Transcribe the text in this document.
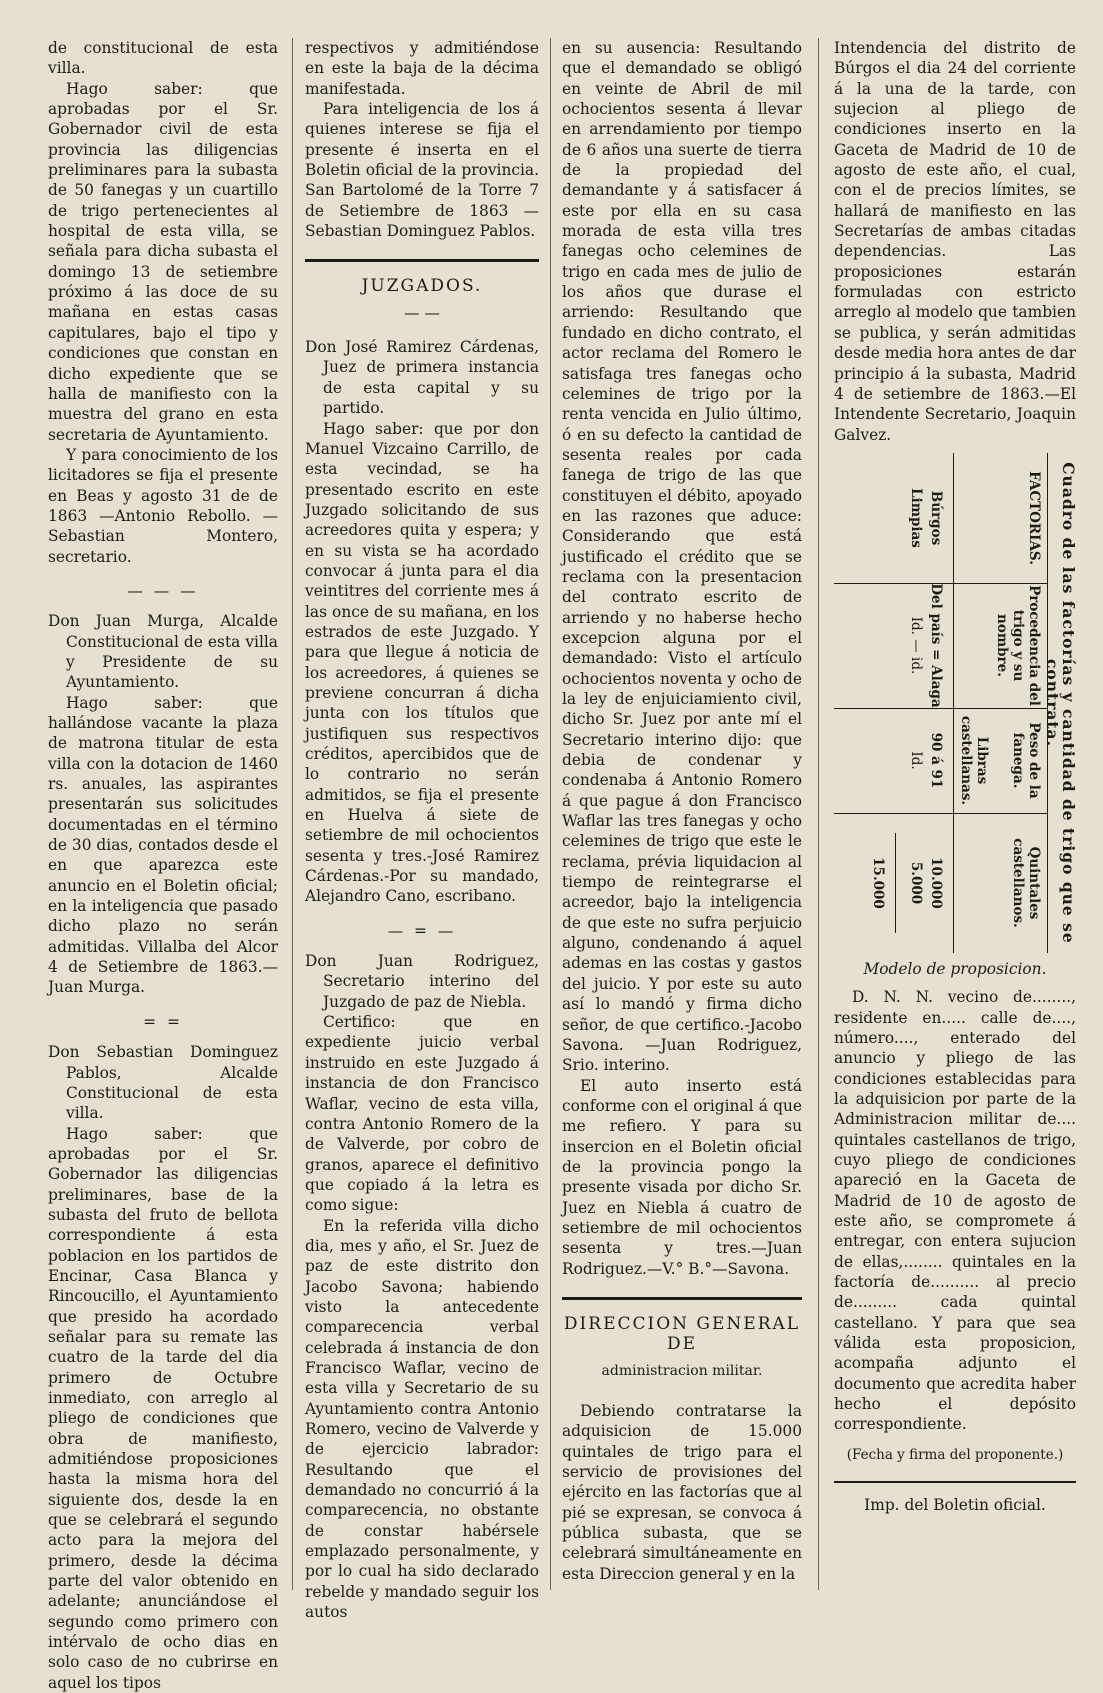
de constitucional de esta villa.

Hago saber: que aprobadas por el Sr. Gobernador civil de esta provincia las diligencias preliminares para la subasta de 50 fanegas y un cuartillo de trigo pertenecientes al hospital de esta villa, se señala para dicha subasta el domingo 13 de setiembre próximo á las doce de su mañana en estas casas capitulares, bajo el tipo y condiciones que constan en dicho expediente que se halla de manifiesto con la muestra del grano en esta secretaria de Ayuntamiento.

Y para conocimiento de los licitadores se fija el presente en Beas y agosto 31 de de 1863 —Antonio Rebollo. —Sebastian Montero, secretario.

— — —

Don Juan Murga, Alcalde Constitucional de esta villa y Presidente de su Ayuntamiento.

Hago saber: que hallándose vacante la plaza de matrona titular de esta villa con la dotacion de 1460 rs. anuales, las aspirantes presentarán sus solicitudes documentadas en el término de 30 dias, contados desde el en que aparezca este anuncio en el Boletin oficial; en la inteligencia que pasado dicho plazo no serán admitidas. Villalba del Alcor 4 de Setiembre de 1863.— Juan Murga.

= =

Don Sebastian Dominguez Pablos, Alcalde Constitucional de esta villa.

Hago saber: que aprobadas por el Sr. Gobernador las diligencias preliminares, base de la subasta del fruto de bellota correspondiente á esta poblacion en los partidos de Encinar, Casa Blanca y Rincoucillo, el Ayuntamiento que presido ha acordado señalar para su remate las cuatro de la tarde del dia primero de Octubre inmediato, con arreglo al pliego de condiciones que obra de manifiesto, admitiéndose proposiciones hasta la misma hora del siguiente dos, desde la en que se celebrará el segundo acto para la mejora del primero, desde la décima parte del valor obtenido en adelante; anunciándose el segundo como primero con intérvalo de ocho dias en solo caso de no cubrirse en aquel los tipos

respectivos y admitiéndose en este la baja de la décima manifestada.

Para inteligencia de los á quienes interese se fija el presente é inserta en el Boletin oficial de la provincia. San Bartolomé de la Torre 7 de Setiembre de 1863 —Sebastian Dominguez Pablos.

JUZGADOS.

— —

Don José Ramirez Cárdenas, Juez de primera instancia de esta capital y su partido.

Hago saber: que por don Manuel Vizcaino Carrillo, de esta vecindad, se ha presentado escrito en este Juzgado solicitando de sus acreedores quita y espera; y en su vista se ha acordado convocar á junta para el dia veintitres del corriente mes á las once de su mañana, en los estrados de este Juzgado. Y para que llegue á noticia de los acreedores, á quienes se previene concurran á dicha junta con los títulos que justifiquen sus respectivos créditos, apercibidos que de lo contrario no serán admitidos, se fija el presente en Huelva á siete de setiembre de mil ochocientos sesenta y tres.-José Ramirez Cárdenas.-Por su mandado, Alejandro Cano, escribano.

— = —

Don Juan Rodriguez, Secretario interino del Juzgado de paz de Niebla.

Certifico: que en expediente juicio verbal instruido en este Juzgado á instancia de don Francisco Waflar, vecino de esta villa, contra Antonio Romero de la de Valverde, por cobro de granos, aparece el definitivo que copiado á la letra es como sigue:

En la referida villa dicho dia, mes y año, el Sr. Juez de paz de este distrito don Jacobo Savona; habiendo visto la antecedente comparecencia verbal celebrada á instancia de don Francisco Waflar, vecino de esta villa y Secretario de su Ayuntamiento contra Antonio Romero, vecino de Valverde y de ejercicio labrador: Resultando que el demandado no concurrió á la comparecencia, no obstante de constar habérsele emplazado personalmente, y por lo cual ha sido declarado rebelde y mandado seguir los autos

en su ausencia: Resultando que el demandado se obligó en veinte de Abril de mil ochocientos sesenta á llevar en arrendamiento por tiempo de 6 años una suerte de tierra de la propiedad del demandante y á satisfacer á este por ella en su casa morada de esta villa tres fanegas ocho celemines de trigo en cada mes de julio de los años que durase el arriendo: Resultando que fundado en dicho contrato, el actor reclama del Romero le satisfaga tres fanegas ocho celemines de trigo por la renta vencida en Julio último, ó en su defecto la cantidad de sesenta reales por cada fanega de trigo de las que constituyen el débito, apoyado en las razones que aduce: Considerando que está justificado el crédito que se reclama con la presentacion del contrato escrito de arriendo y no haberse hecho excepcion alguna por el demandado: Visto el artículo ochocientos noventa y ocho de la ley de enjuiciamiento civil, dicho Sr. Juez por ante mí el Secretario interino dijo: que debia de condenar y condenaba á Antonio Romero á que pague á don Francisco Waflar las tres fanegas y ocho celemines de trigo que este le reclama, prévia liquidacion al tiempo de reintegrarse el acreedor, bajo la inteligencia de que este no sufra perjuicio alguno, condenando á aquel ademas en las costas y gastos del juicio. Y por este su auto así lo mandó y firma dicho señor, de que certifico.-Jacobo Savona. —Juan Rodriguez, Srio. interino.

El auto inserto está conforme con el original á que me refiero. Y para su insercion en el Boletin oficial de la provincia pongo la presente visada por dicho Sr. Juez en Niebla á cuatro de setiembre de mil ochocientos sesenta y tres.—Juan Rodriguez.—V.° B.°—Savona.

DIRECCION GENERAL DE

administracion militar.

Debiendo contratarse la adquisicion de 15.000 quintales de trigo para el servicio de provisiones del ejército en las factorías que al pié se expresan, se convoca á pública subasta, que se celebrará simultáneamente en esta Direccion general y en la

Intendencia del distrito de Búrgos el dia 24 del corriente á la una de la tarde, con sujecion al pliego de condiciones inserto en la Gaceta de Madrid de 10 de agosto de este año, el cual, con el de precios límites, se hallará de manifiesto en las Secretarías de ambas citadas dependencias. Las proposiciones estarán formuladas con estricto arreglo al modelo que tambien se publica, y serán admitidas desde media hora antes de dar principio á la subasta, Madrid 4 de setiembre de 1863.—El Intendente Secretario, Joaquin Galvez.

Cuadro de las factorías y cantidad de trigo que se contrata.
FACTORIAS.
Procedencia del trigo y su nombre.
Peso de la fanega.
Quintales castellanos.
Libras castellanas.
Búrgos
Del país = Alaga
90 á 91
10.000
Limpias
Id. — id.
Id.
5.000
15.000

Modelo de proposicion.

D. N. N. vecino de........, residente en..... calle de...., número...., enterado del anuncio y pliego de las condiciones establecidas para la adquisicion por parte de la Administracion militar de.... quintales castellanos de trigo, cuyo pliego de condiciones apareció en la Gaceta de Madrid de 10 de agosto de este año, se compromete á entregar, con entera sujucion de ellas,........ quintales en la factoría de.......... al precio de......... cada quintal castellano. Y para que sea válida esta proposicion, acompaña adjunto el documento que acredita haber hecho el depósito correspondiente.

(Fecha y firma del proponente.)

Imp. del Boletin oficial.
